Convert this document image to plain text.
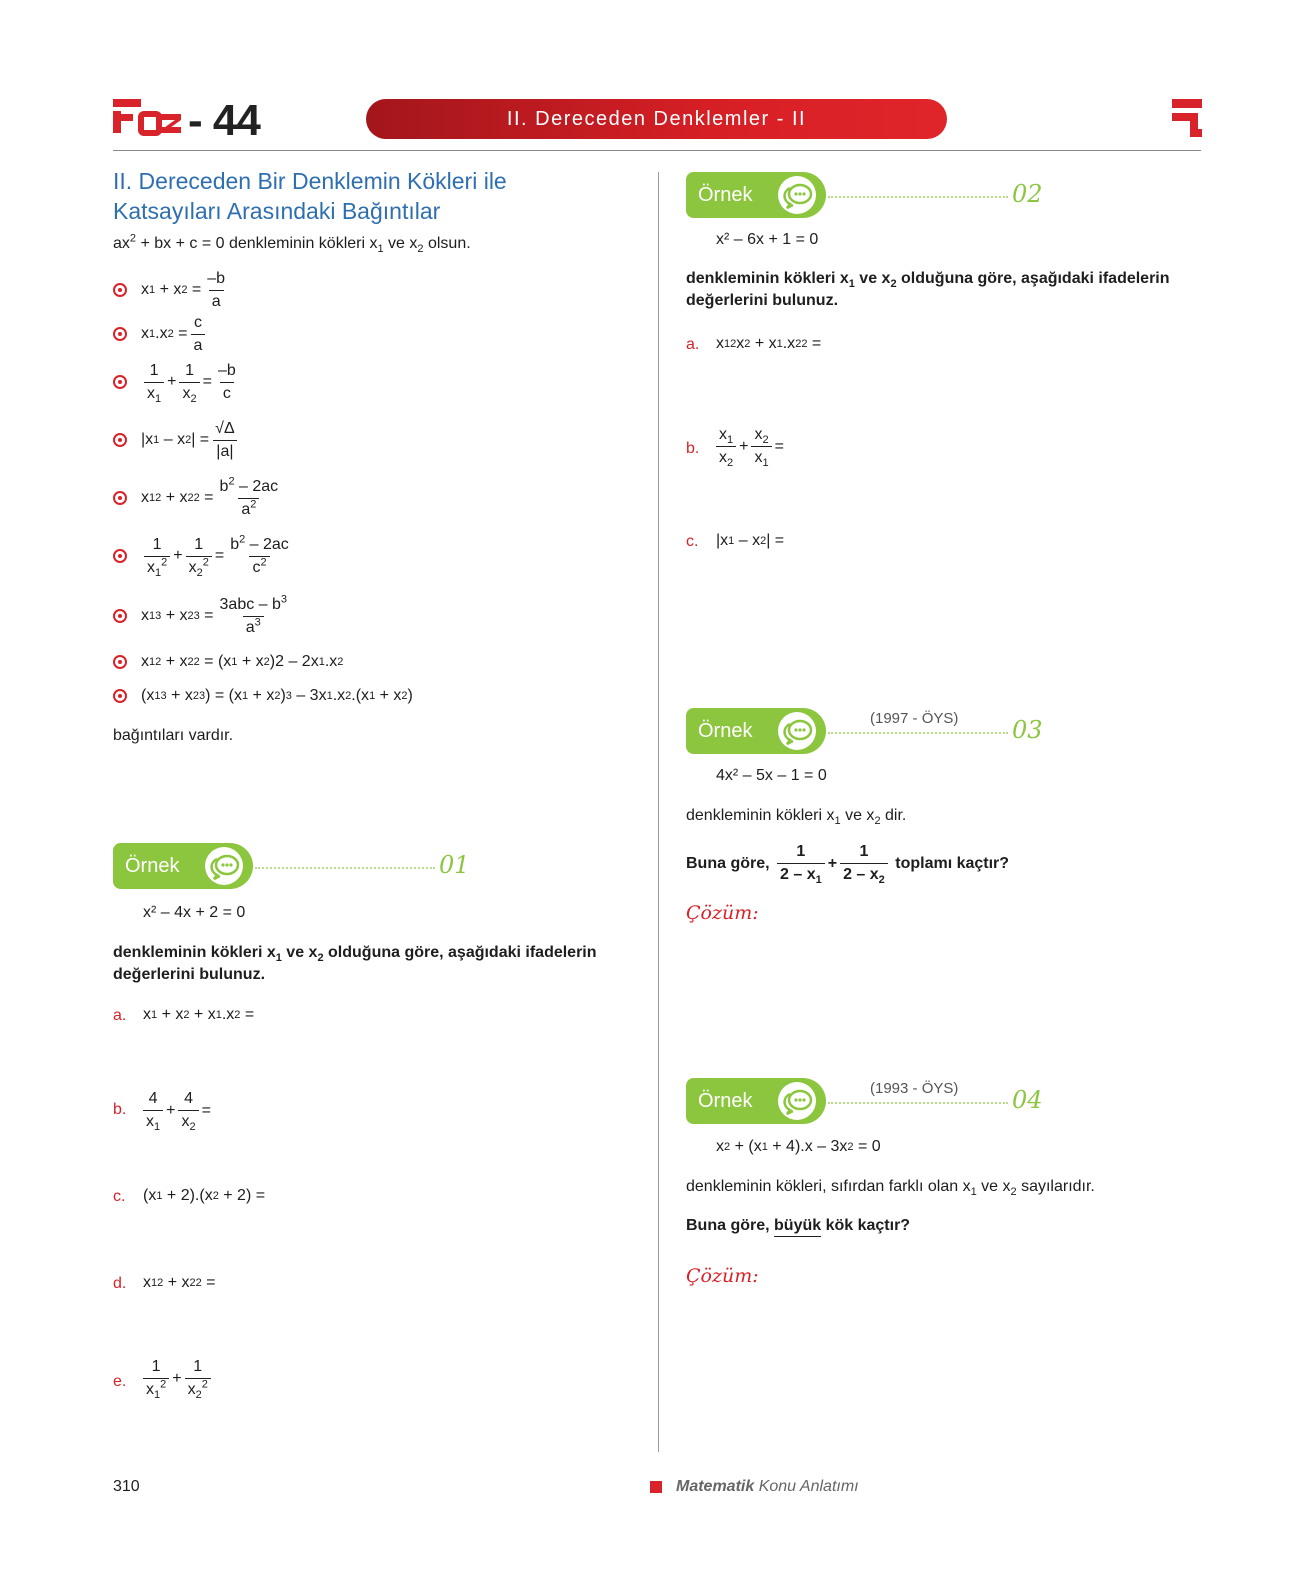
- 44	II. Dereceden Denklemler - II
II. Dereceden Bir Denklemin Kökleri ile
Katsayıları Arasındaki Bağıntılar
$ax^2$ + bx + c = 0 denkleminin kökleri $x_1$ ve $x_2$ olsun.
x 1 + x $2 = \frac{-b}{a}$
x 1 .x $2 = \frac{c}{a}$
$\frac{1}{x_1} + \frac{1}{x_2} = \frac{-b}{c}$
|x 1 – x 2 | = $\frac{√\Delta}{|a|}$
x 1 2 + x 2 $2 = \frac{b^2 - 2ac}{a^2}$
$\frac{1}{x_1^2} + \frac{1}{x_2^2} = \frac{b^2 - 2ac}{c^2}$
x 1 3 + x 2 $3 = \frac{3abc - b^3}{a^3}$
x 1 2 + x 2 2 = (x 1 + x 2 )2 – 2x 1 .x 2
(x 1 3 + x 2 3 ) = (x 1 + x 2 ) 3 – 3x 1 .x 2 .(x 1 + x 2 )
bağıntıları vardır.
Örnek	01
x² – 4x + 2 = 0
denkleminin kökleri $x_1$ ve $x_2$ olduğuna göre, aşağıdaki ifadelerin
değerlerini bulunuz.
a. x 1 + x 2 + x 1 .x 2 =
b. $\frac{4}{x_1} + \frac{4}{x_2}$ =
c. (x 1 + 2).(x 2 + 2) =
d. x 1 2 + x 2 2 =
e. $\frac{1}{x_1^2} + \frac{1}{x_2^2}$
Örnek	02
x² – 6x + 1 = 0
denkleminin kökleri $x_1$ ve $x_2$ olduğuna göre, aşağıdaki ifadelerin
değerlerini bulunuz.
a. x 1 2 x 2 + x 1 .x 2 2 =
b. $\frac{x_1}{x_2} + \frac{x_2}{x_1}$ =
c. |x 1 – x 2 | =
Örnek
(1997 - ÖYS) 03
4x² – 5x – 1 = 0
denkleminin kökleri $x_1$ ve $x_2$ dir.
Buna göre,
$\frac{1}{2 - x_1} + \frac{1}{2 - x_2}$
toplamı kaçtır?
Çözüm:
Örnek
(1993 - ÖYS) 04
x 2 + (x 1 + 4).x – 3x 2 = 0
denkleminin kökleri, sıfırdan farklı olan $x_1$ ve $x_2$ sayılarıdır.
Buna göre, büyük kök kaçtır?
Çözüm:
310	Matematik Konu Anlatımı
